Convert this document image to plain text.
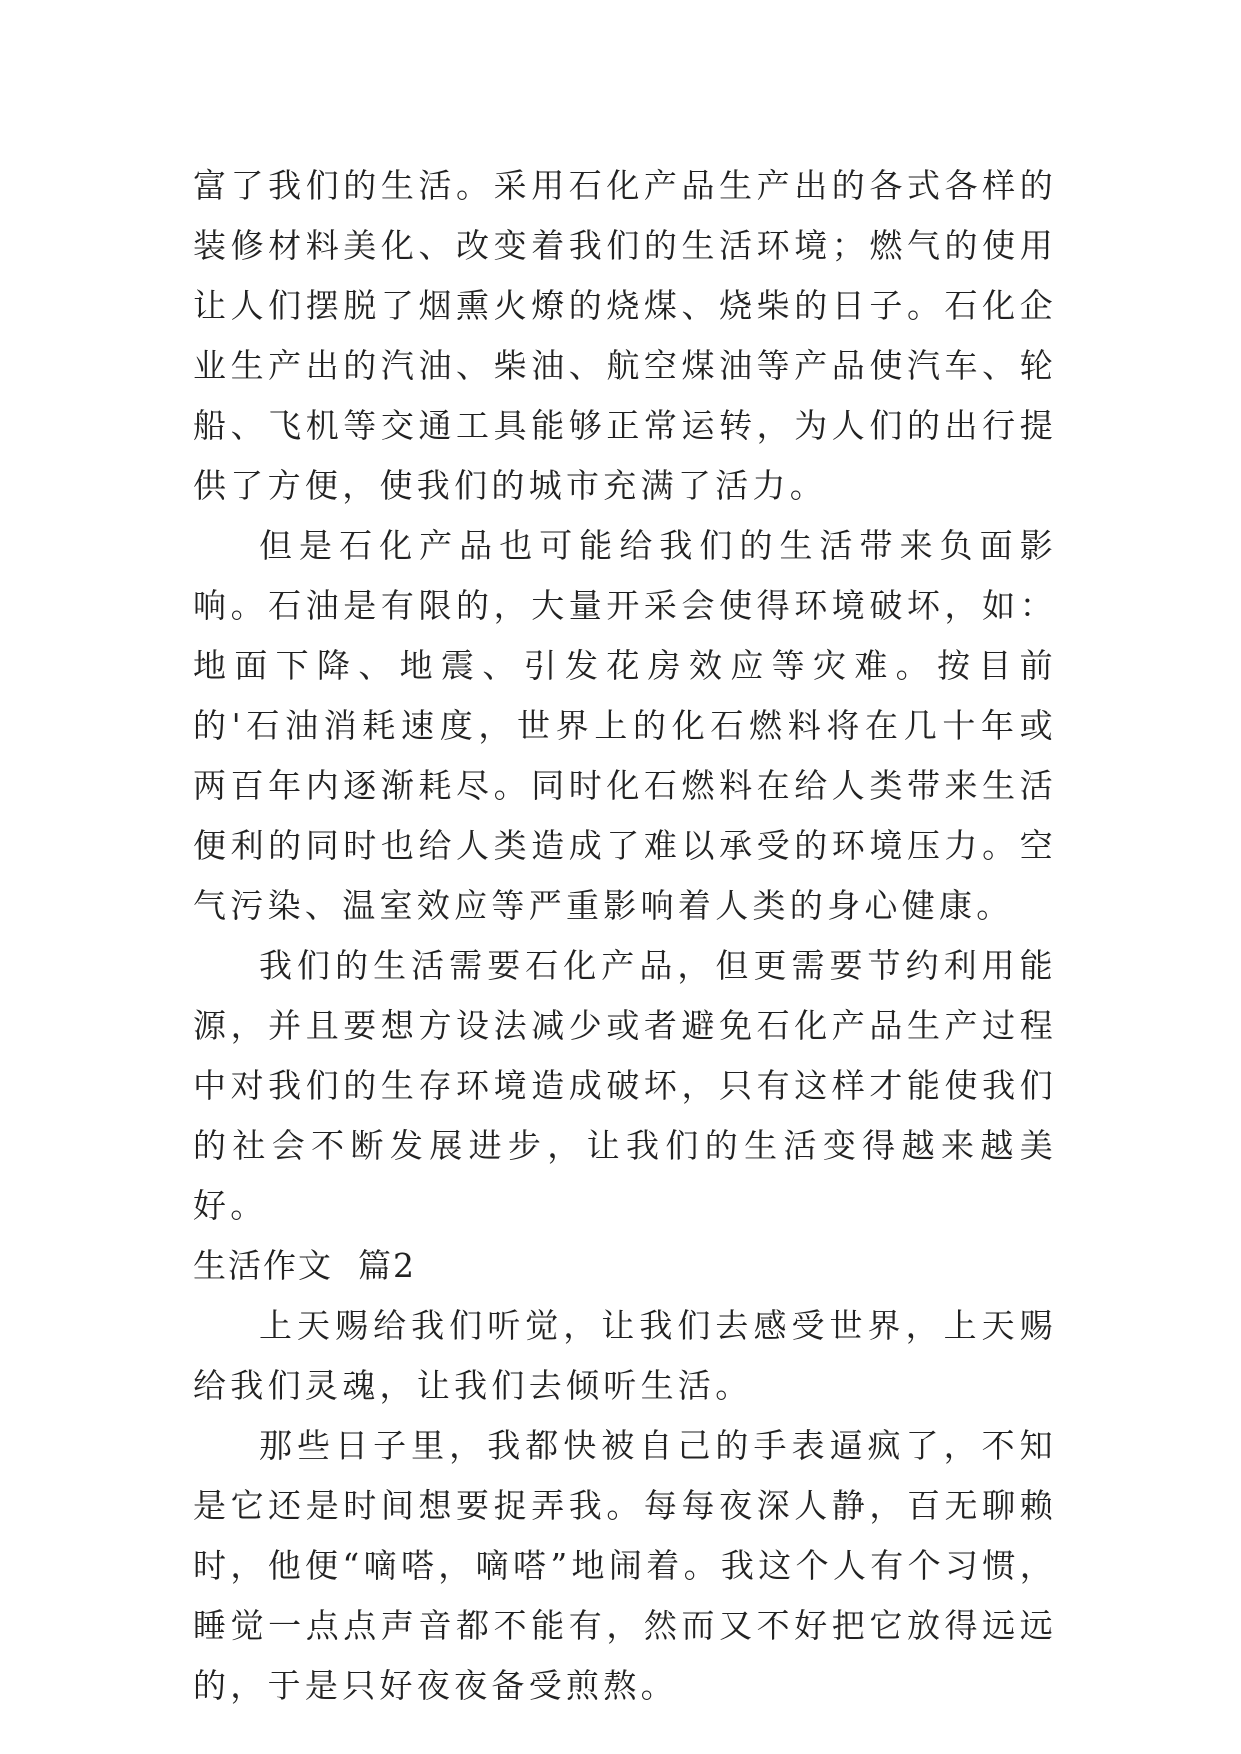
富了我们的生活。采用石化产品生产出的各式各样的装修材料美化、改变着我们的生活环境；燃气的使用让人们摆脱了烟熏火燎的烧煤、烧柴的日子。石化企业生产出的汽油、柴油、航空煤油等产品使汽车、轮船、飞机等交通工具能够正常运转，为人们的出行提供了方便，使我们的城市充满了活力。

但是石化产品也可能给我们的生活带来负面影响。石油是有限的，大量开采会使得环境破坏，如：地面下降、地震、引发花房效应等灾难。按目前的'石油消耗速度，世界上的化石燃料将在几十年或两百年内逐渐耗尽。同时化石燃料在给人类带来生活便利的同时也给人类造成了难以承受的环境压力。空气污染、温室效应等严重影响着人类的身心健康。

我们的生活需要石化产品，但更需要节约利用能源，并且要想方设法减少或者避免石化产品生产过程中对我们的生存环境造成破坏，只有这样才能使我们的社会不断发展进步，让我们的生活变得越来越美好。

生活作文  篇2

上天赐给我们听觉，让我们去感受世界，上天赐给我们灵魂，让我们去倾听生活。

那些日子里，我都快被自己的手表逼疯了，不知是它还是时间想要捉弄我。每每夜深人静，百无聊赖时，他便“嘀嗒，嘀嗒”地闹着。我这个人有个习惯，睡觉一点点声音都不能有，然而又不好把它放得远远的，于是只好夜夜备受煎熬。
